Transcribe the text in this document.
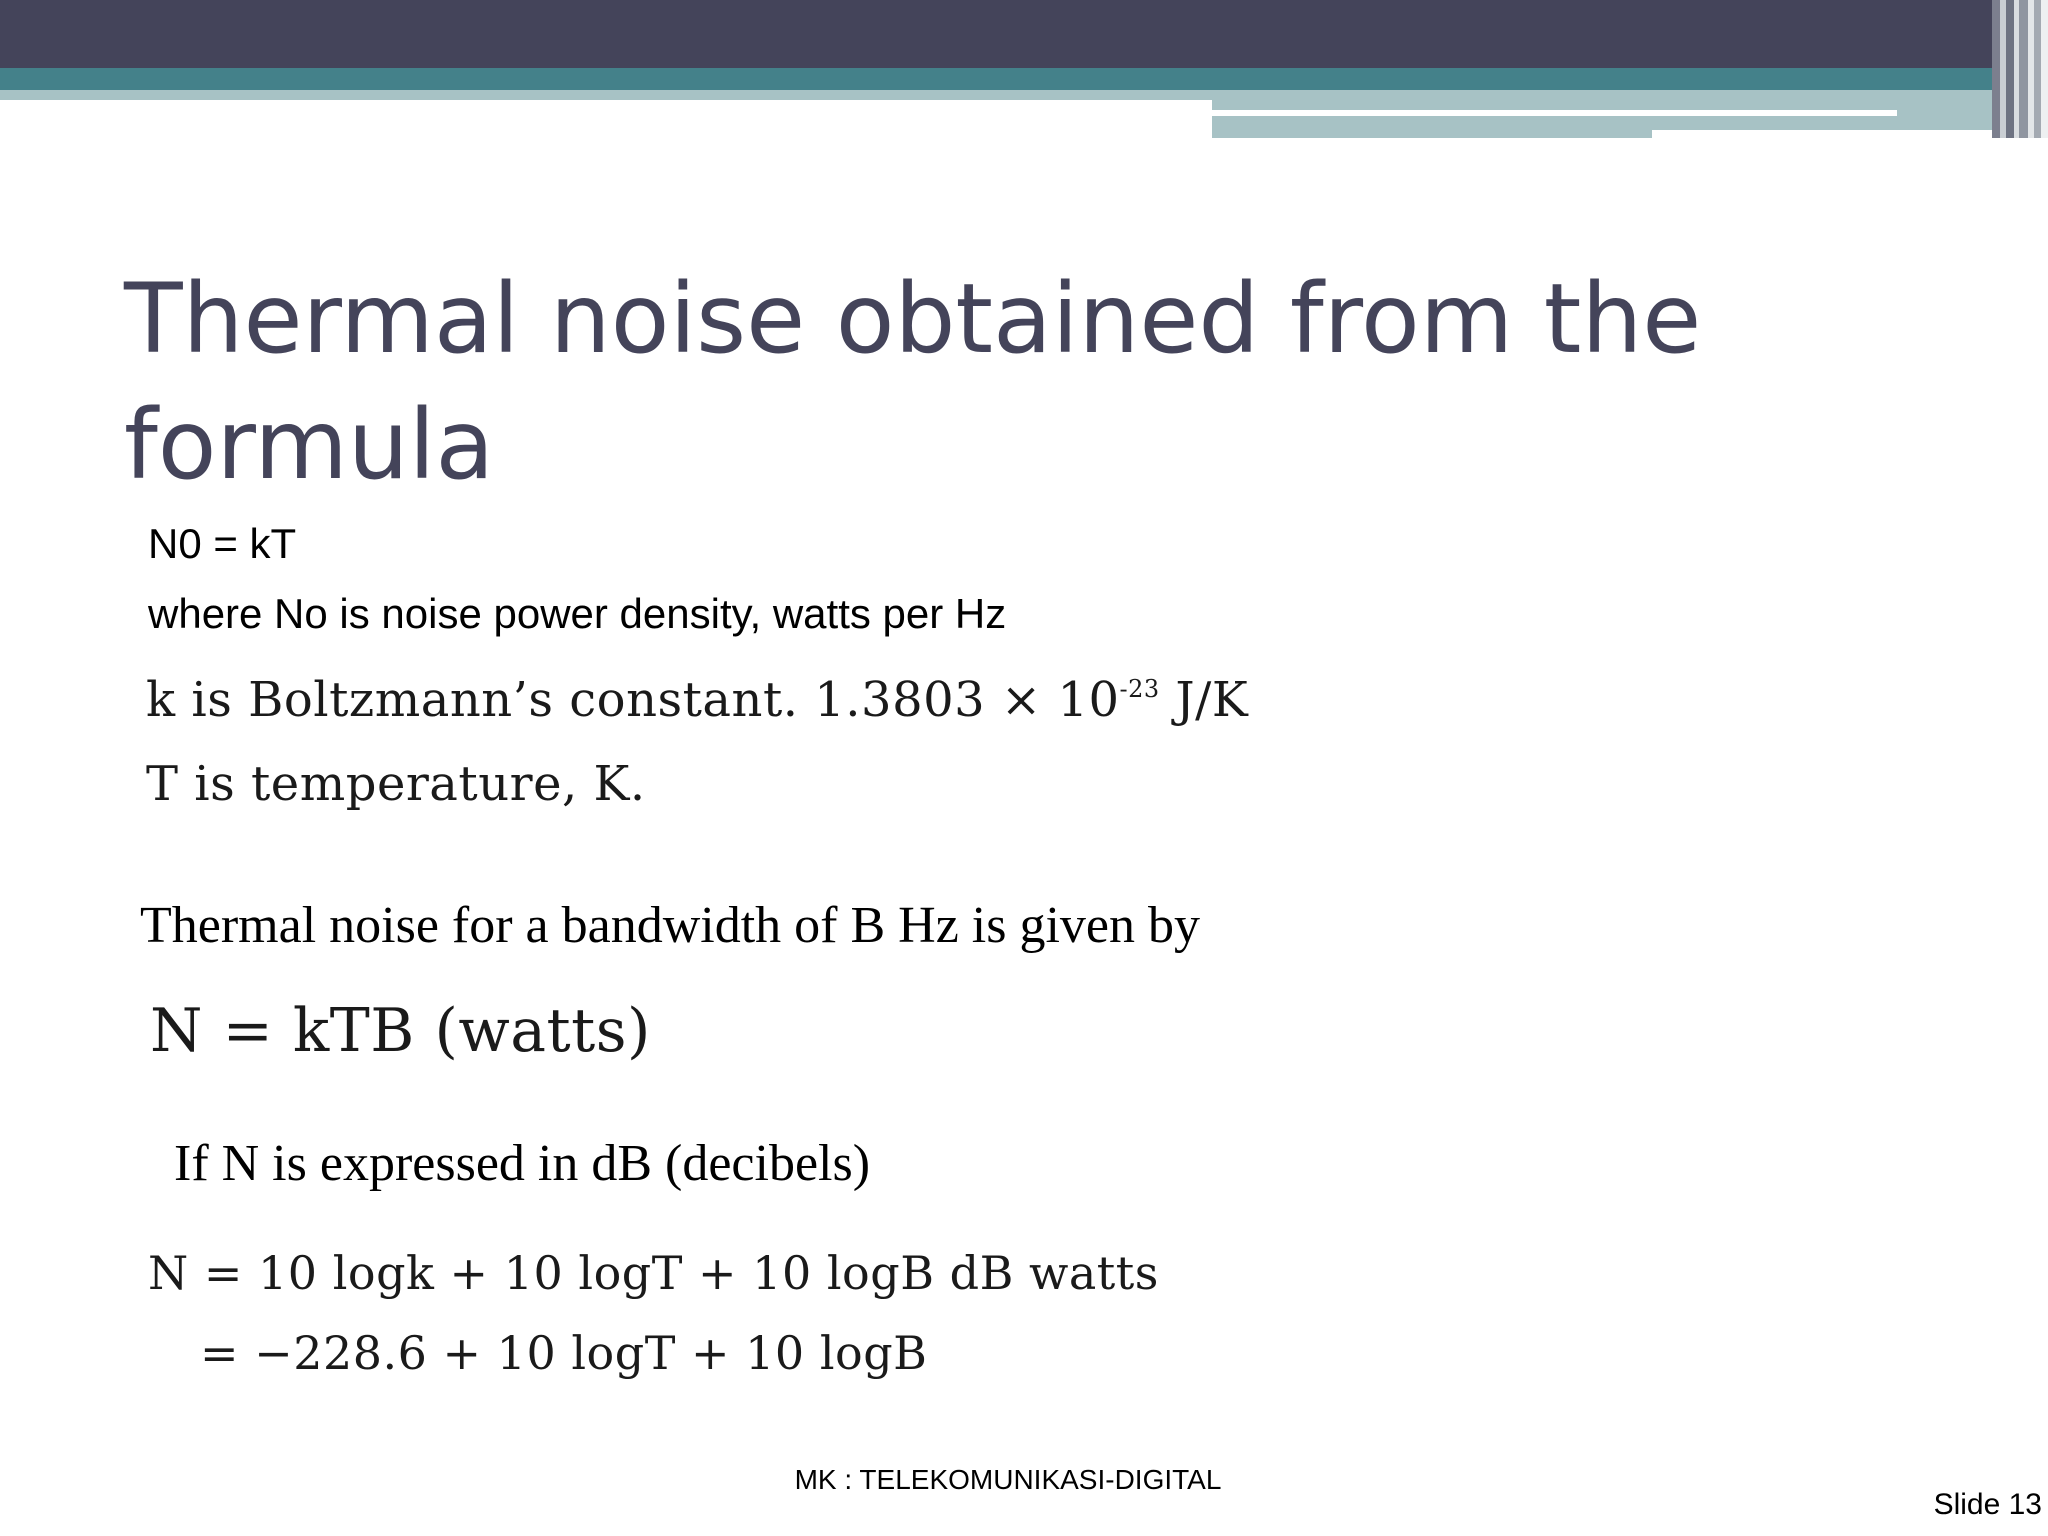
Thermal noise obtained from the formula
N0 = kT
where No is noise power density, watts per Hz
k is Boltzmann’s constant. $1.3803 \times 10^{-23}$ J/K
T is temperature, K.
Thermal noise for a bandwidth of B Hz is given by
N = kTB (watts)
If N is expressed in dB (decibels)
N = 10 logk + 10 logT + 10 logB dB watts
= −228.6 + 10 logT + 10 logB
MK : TELEKOMUNIKASI-DIGITAL
Slide 13
